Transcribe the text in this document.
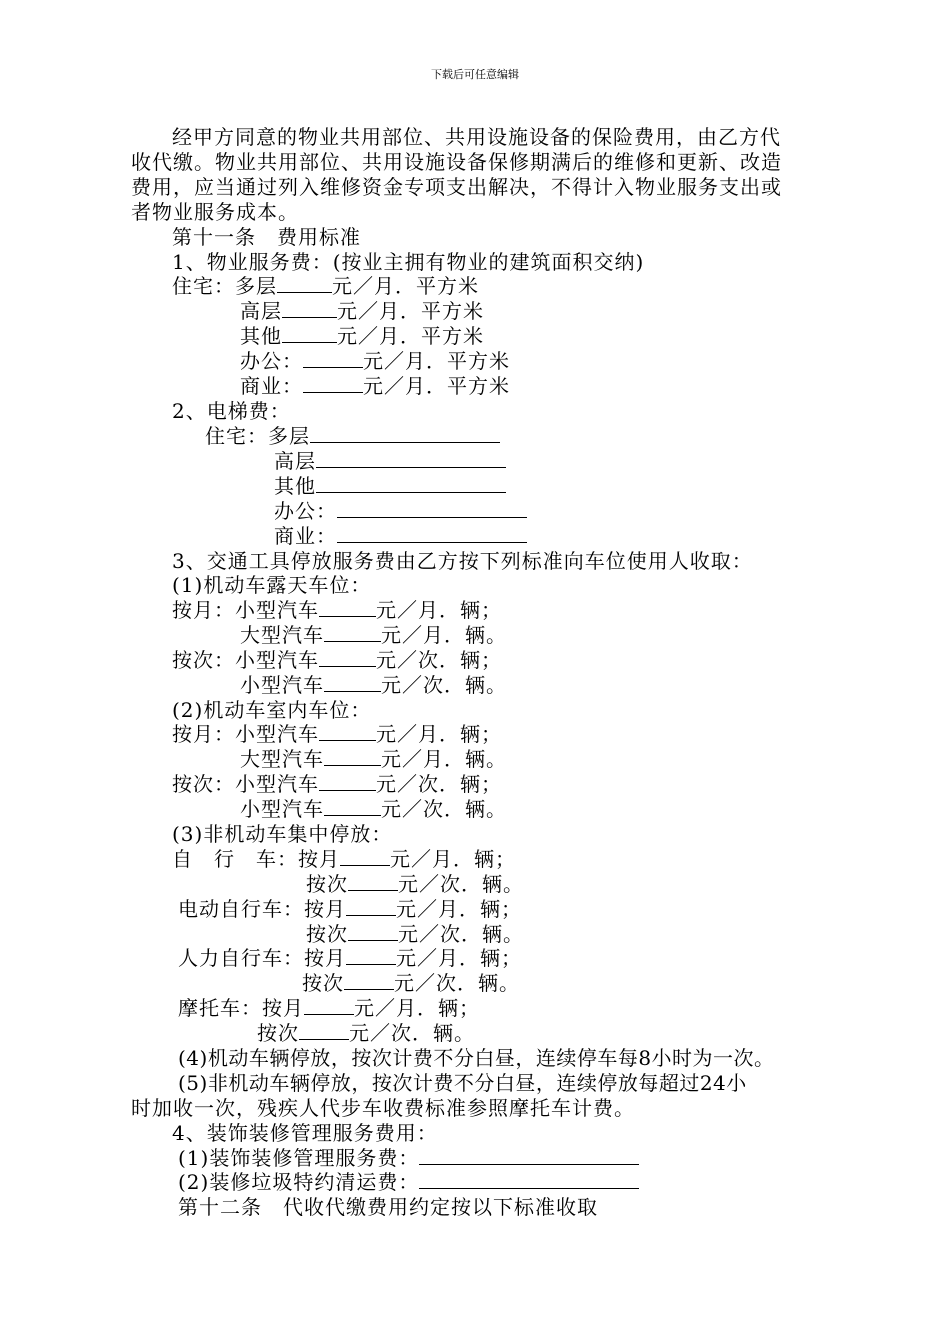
下载后可任意编辑
经甲方同意的物业共用部位、共用设施设备的保险费用，由乙方代
收代缴。物业共用部位、共用设施设备保修期满后的维修和更新、改造
费用，应当通过列入维修资金专项支出解决，不得计入物业服务支出或
者物业服务成本。
第十一条　费用标准
1、物业服务费：(按业主拥有物业的建筑面积交纳)
住宅：多层	元／月．平方米
高层	元／月．平方米
其他	元／月．平方米
办公：	元／月．平方米
商业：	元／月．平方米
2、电梯费：
住宅：多层
高层
其他
办公：
商业：
3、交通工具停放服务费由乙方按下列标准向车位使用人收取：
(1)机动车露天车位：
按月：小型汽车	元／月．辆；
大型汽车	元／月．辆。
按次：小型汽车	元／次．辆；
小型汽车	元／次．辆。
(2)机动车室内车位：
按月：小型汽车	元／月．辆；
大型汽车	元／月．辆。
按次：小型汽车	元／次．辆；
小型汽车	元／次．辆。
(3)非机动车集中停放：
自　行　车：按月	元／月．辆；
按次	元／次．辆。
电动自行车：按月	元／月．辆；
按次	元／次．辆。
人力自行车：按月	元／月．辆；
按次	元／次．辆。
摩托车：按月	元／月．辆；
按次	元／次．辆。
(4)机动车辆停放，按次计费不分白昼，连续停车每8小时为一次。
(5)非机动车辆停放，按次计费不分白昼，连续停放每超过24小
时加收一次，残疾人代步车收费标准参照摩托车计费。
4、装饰装修管理服务费用：
(1)装饰装修管理服务费：
(2)装修垃圾特约清运费：
第十二条　代收代缴费用约定按以下标准收取
